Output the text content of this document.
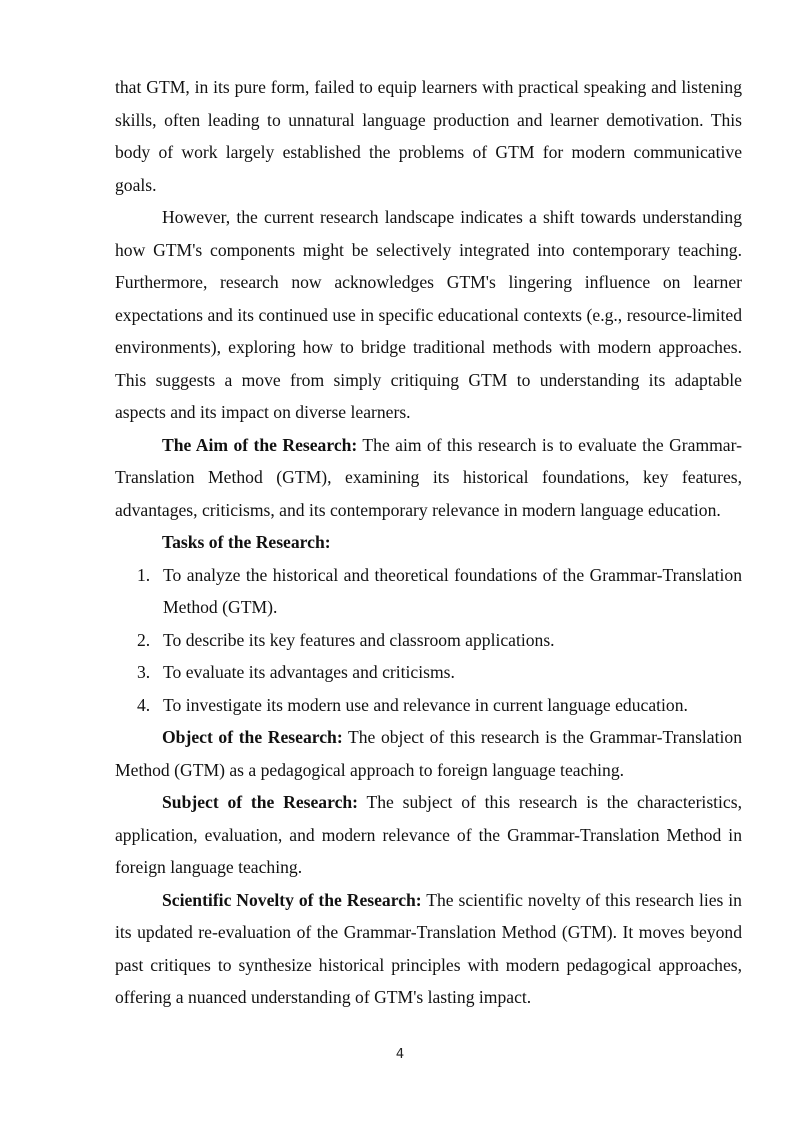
that GTM, in its pure form, failed to equip learners with practical speaking and listening skills, often leading to unnatural language production and learner demotivation. This body of work largely established the problems of GTM for modern communicative goals.

However, the current research landscape indicates a shift towards understanding how GTM's components might be selectively integrated into contemporary teaching. Furthermore, research now acknowledges GTM's lingering influence on learner expectations and its continued use in specific educational contexts (e.g., resource-limited environments), exploring how to bridge traditional methods with modern approaches. This suggests a move from simply critiquing GTM to understanding its adaptable aspects and its impact on diverse learners.

The Aim of the Research: The aim of this research is to evaluate the Grammar-Translation Method (GTM), examining its historical foundations, key features, advantages, criticisms, and its contemporary relevance in modern language education.

Tasks of the Research:

1. To analyze the historical and theoretical foundations of the Grammar-Translation Method (GTM).
2. To describe its key features and classroom applications.
3. To evaluate its advantages and criticisms.
4. To investigate its modern use and relevance in current language education.

Object of the Research: The object of this research is the Grammar-Translation Method (GTM) as a pedagogical approach to foreign language teaching.

Subject of the Research: The subject of this research is the characteristics, application, evaluation, and modern relevance of the Grammar-Translation Method in foreign language teaching.

Scientific Novelty of the Research: The scientific novelty of this research lies in its updated re-evaluation of the Grammar-Translation Method (GTM). It moves beyond past critiques to synthesize historical principles with modern pedagogical approaches, offering a nuanced understanding of GTM's lasting impact.

4
